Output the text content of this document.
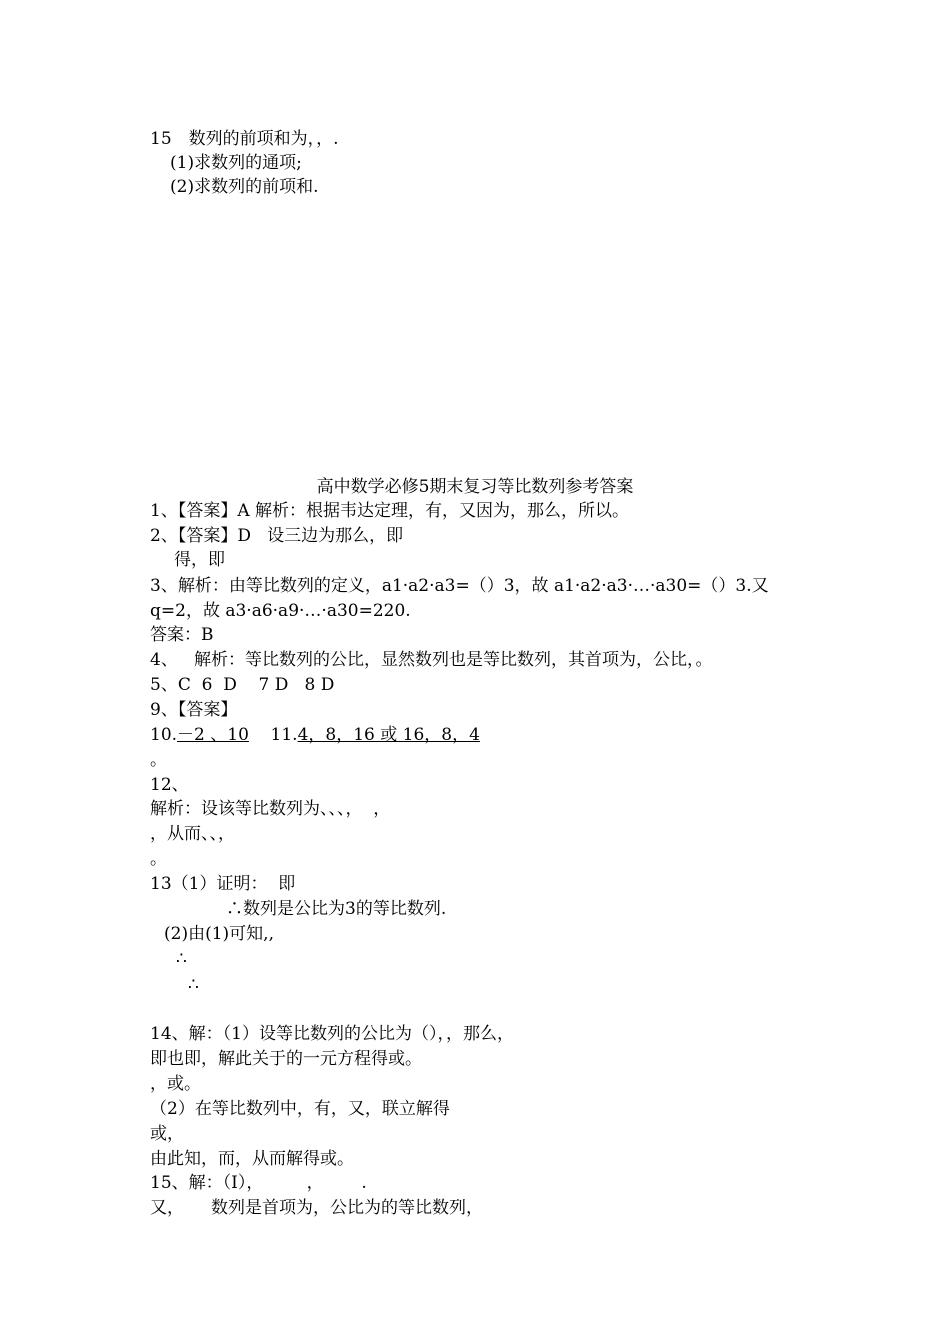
15　数列的前项和为，，.
(1)求数列的通项;
(2)求数列的前项和.
高中数学必修5期末复习等比数列参考答案
1、【答案】A 解析：根据韦达定理，有，又因为，那么，所以。
2、【答案】D   设三边为那么，即
得，即
3、解析：由等比数列的定义，a1·a2·a3=（）3，故 a1·a2·a3·…·a30=（）3.又
q=2，故 a3·a6·a9·…·a30=220.
答案：B
4、   解析：等比数列的公比，显然数列也是等比数列，其首项为，公比，。
5、C  6  D    7 D   8 D
9、【答案】
10.－2 、10 11.4，8，16 或 16，8，4
。
12、
解析：设该等比数列为、、、，  ，
，从而、、，
。
13（1）证明：  即
∴数列是公比为3的等比数列.
(2)由(1)可知,,
∴
∴
14、解：（1）设等比数列的公比为（），，那么，
即也即，解此关于的一元方程得或。
，或。
（2）在等比数列中，有，又，联立解得
或，
由此知，而，从而解得或。
15、解：（Ⅰ），        ，       .
又，     数列是首项为，公比为的等比数列，
